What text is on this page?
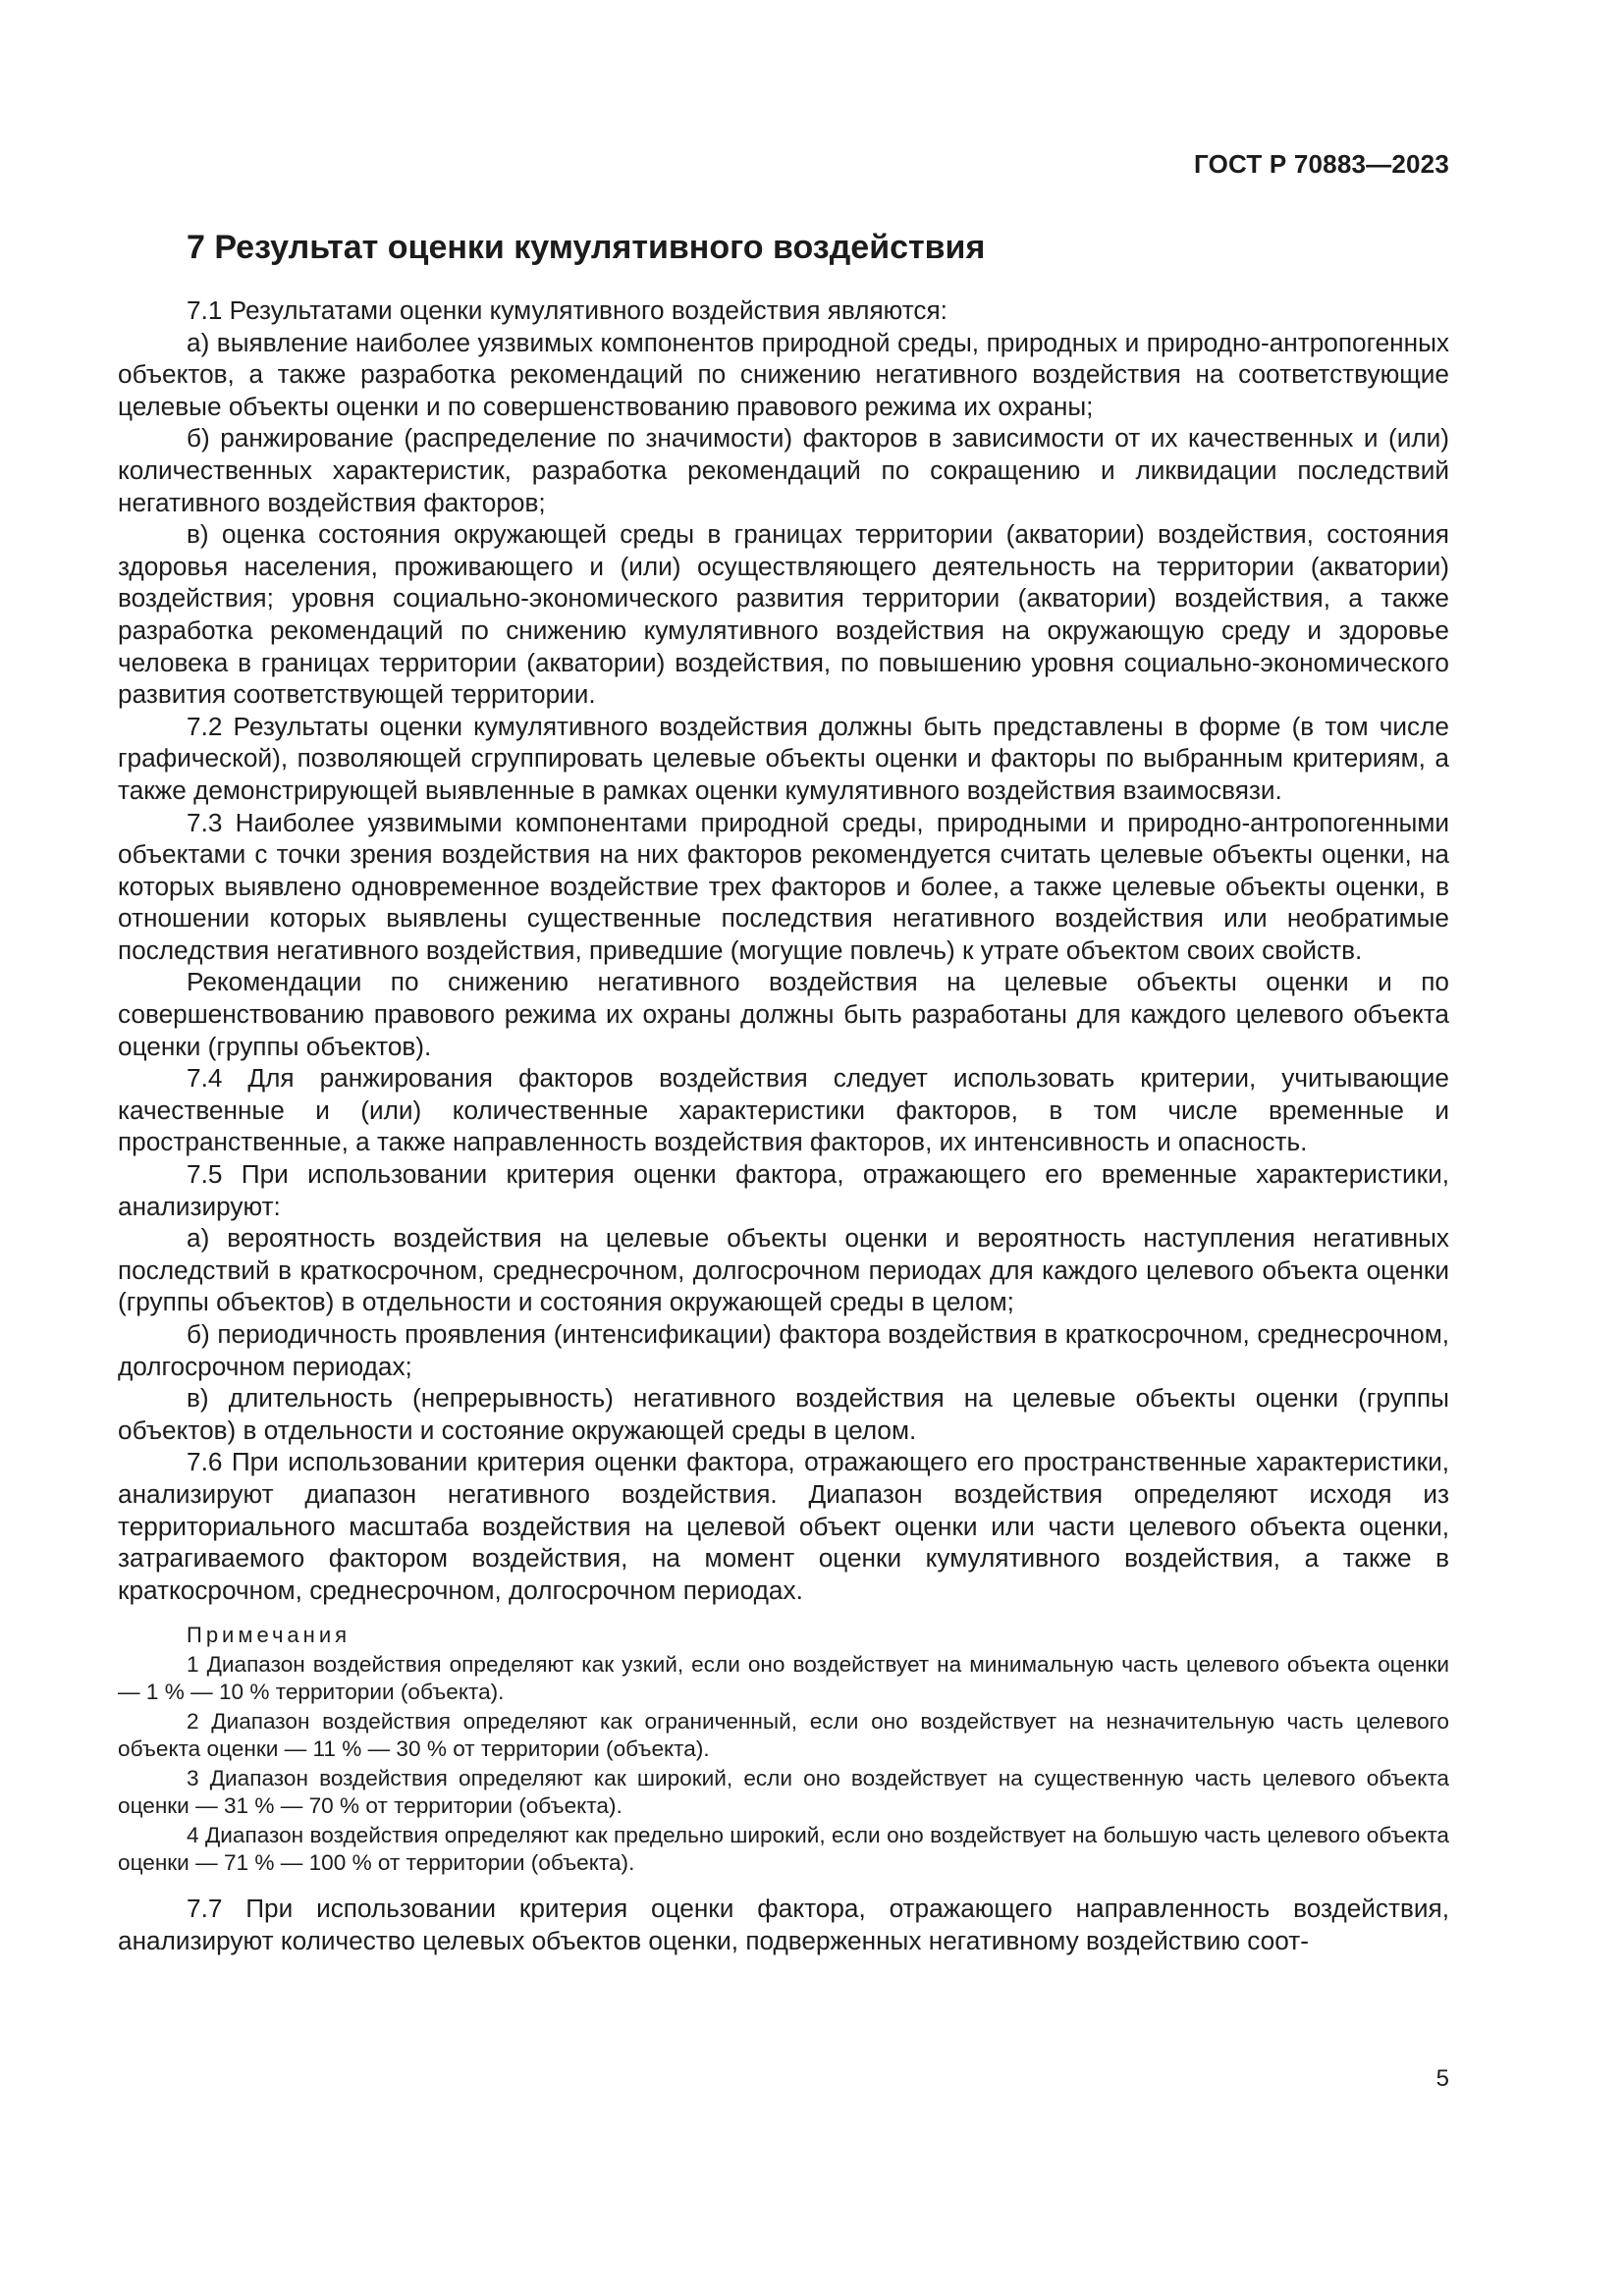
ГОСТ Р 70883—2023
7 Результат оценки кумулятивного воздействия

7.1 Результатами оценки кумулятивного воздействия являются:

а) выявление наиболее уязвимых компонентов природной среды, природных и природно-антропогенных объектов, а также разработка рекомендаций по снижению негативного воздействия на соответствующие целевые объекты оценки и по совершенствованию правового режима их охраны;

б) ранжирование (распределение по значимости) факторов в зависимости от их качественных и (или) количественных характеристик, разработка рекомендаций по сокращению и ликвидации последствий негативного воздействия факторов;

в) оценка состояния окружающей среды в границах территории (акватории) воздействия, состояния здоровья населения, проживающего и (или) осуществляющего деятельность на территории (акватории) воздействия; уровня социально-экономического развития территории (акватории) воздействия, а также разработка рекомендаций по снижению кумулятивного воздействия на окружающую среду и здоровье человека в границах территории (акватории) воздействия, по повышению уровня социально-экономического развития соответствующей территории.

7.2 Результаты оценки кумулятивного воздействия должны быть представлены в форме (в том числе графической), позволяющей сгруппировать целевые объекты оценки и факторы по выбранным критериям, а также демонстрирующей выявленные в рамках оценки кумулятивного воздействия взаимосвязи.

7.3 Наиболее уязвимыми компонентами природной среды, природными и природно-антропогенными объектами с точки зрения воздействия на них факторов рекомендуется считать целевые объекты оценки, на которых выявлено одновременное воздействие трех факторов и более, а также целевые объекты оценки, в отношении которых выявлены существенные последствия негативного воздействия или необратимые последствия негативного воздействия, приведшие (могущие повлечь) к утрате объектом своих свойств.

Рекомендации по снижению негативного воздействия на целевые объекты оценки и по совершенствованию правового режима их охраны должны быть разработаны для каждого целевого объекта оценки (группы объектов).

7.4 Для ранжирования факторов воздействия следует использовать критерии, учитывающие качественные и (или) количественные характеристики факторов, в том числе временные и пространственные, а также направленность воздействия факторов, их интенсивность и опасность.

7.5 При использовании критерия оценки фактора, отражающего его временные характеристики, анализируют:

а) вероятность воздействия на целевые объекты оценки и вероятность наступления негативных последствий в краткосрочном, среднесрочном, долгосрочном периодах для каждого целевого объекта оценки (группы объектов) в отдельности и состояния окружающей среды в целом;

б) периодичность проявления (интенсификации) фактора воздействия в краткосрочном, среднесрочном, долгосрочном периодах;

в) длительность (непрерывность) негативного воздействия на целевые объекты оценки (группы объектов) в отдельности и состояние окружающей среды в целом.

7.6 При использовании критерия оценки фактора, отражающего его пространственные характеристики, анализируют диапазон негативного воздействия. Диапазон воздействия определяют исходя из территориального масштаба воздействия на целевой объект оценки или части целевого объекта оценки, затрагиваемого фактором воздействия, на момент оценки кумулятивного воздействия, а также в краткосрочном, среднесрочном, долгосрочном периодах.

Примечания

1 Диапазон воздействия определяют как узкий, если оно воздействует на минимальную часть целевого объекта оценки — 1 % — 10 % территории (объекта).

2 Диапазон воздействия определяют как ограниченный, если оно воздействует на незначительную часть целевого объекта оценки — 11 % — 30 % от территории (объекта).

3 Диапазон воздействия определяют как широкий, если оно воздействует на существенную часть целевого объекта оценки — 31 % — 70 % от территории (объекта).

4 Диапазон воздействия определяют как предельно широкий, если оно воздействует на большую часть целевого объекта оценки — 71 % — 100 % от территории (объекта).

7.7 При использовании критерия оценки фактора, отражающего направленность воздействия, анализируют количество целевых объектов оценки, подверженных негативному воздействию соот-

5
